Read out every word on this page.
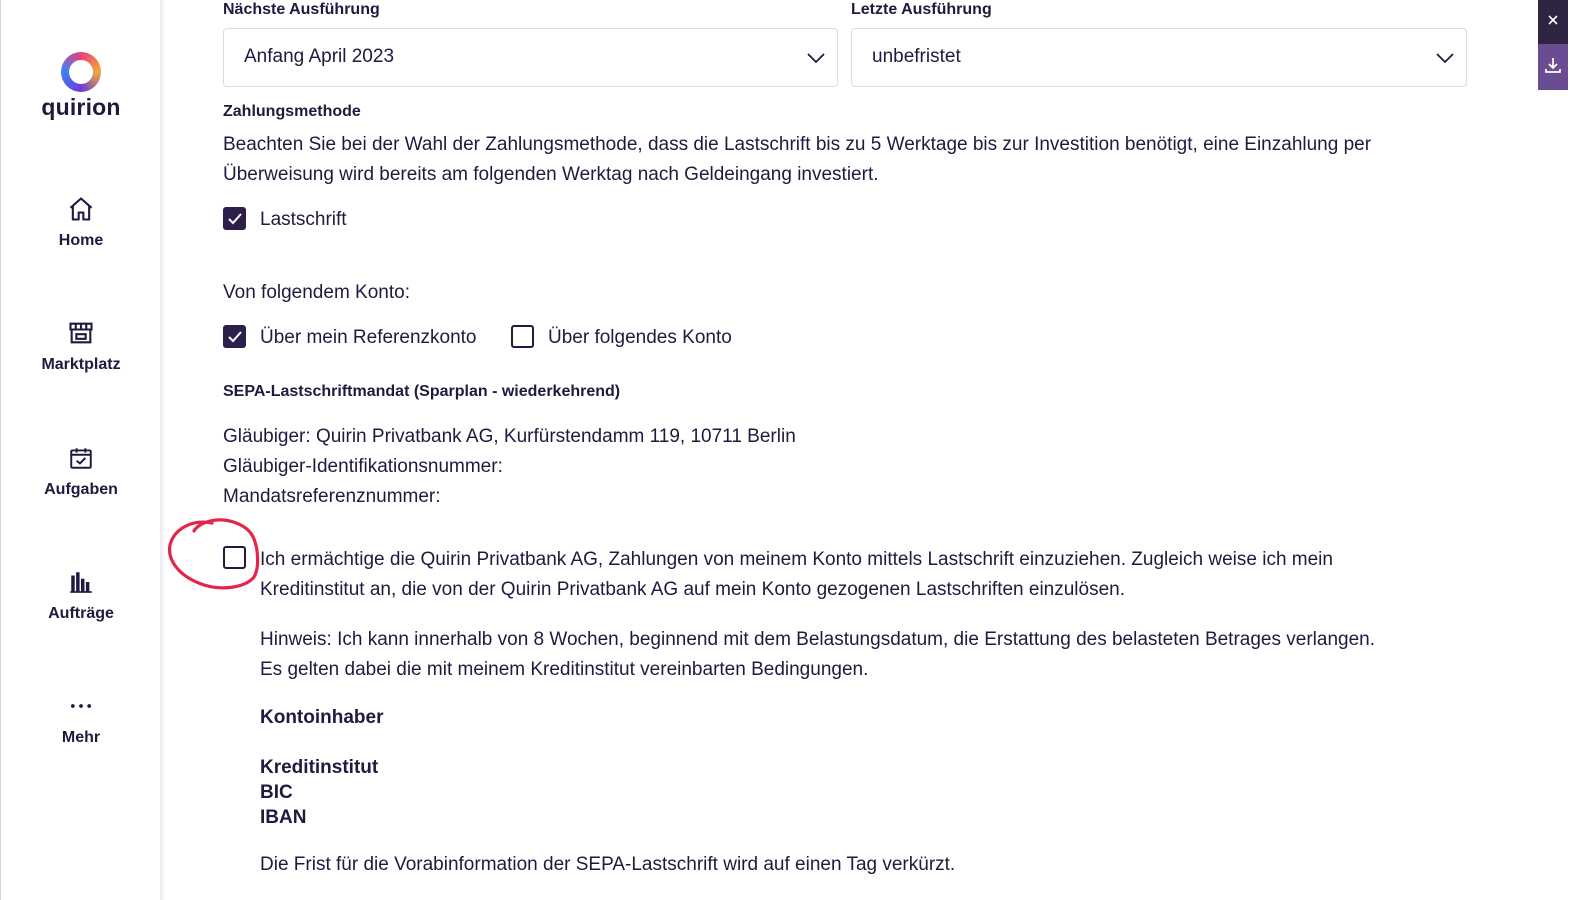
quirion
Home
Marktplatz
Aufgaben
Aufträge
Mehr
Nächste Ausführung
Anfang April 2023
Letzte Ausführung
unbefristet
Zahlungsmethode
Beachten Sie bei der Wahl der Zahlungsmethode, dass die Lastschrift bis zu 5 Werktage bis zur Investition benötigt, eine Einzahlung per
Überweisung wird bereits am folgenden Werktag nach Geldeingang investiert.
Lastschrift
Von folgendem Konto:
Über mein Referenzkonto	Über folgendes Konto
SEPA-Lastschriftmandat (Sparplan - wiederkehrend)
Gläubiger: Quirin Privatbank AG, Kurfürstendamm 119, 10711 Berlin
Gläubiger-Identifikationsnummer:
Mandatsreferenznummer:
Ich ermächtige die Quirin Privatbank AG, Zahlungen von meinem Konto mittels Lastschrift einzuziehen. Zugleich weise ich mein
Kreditinstitut an, die von der Quirin Privatbank AG auf mein Konto gezogenen Lastschriften einzulösen.
Hinweis: Ich kann innerhalb von 8 Wochen, beginnend mit dem Belastungsdatum, die Erstattung des belasteten Betrages verlangen.
Es gelten dabei die mit meinem Kreditinstitut vereinbarten Bedingungen.
Kontoinhaber
Kreditinstitut
BIC
IBAN
Die Frist für die Vorabinformation der SEPA-Lastschrift wird auf einen Tag verkürzt.
